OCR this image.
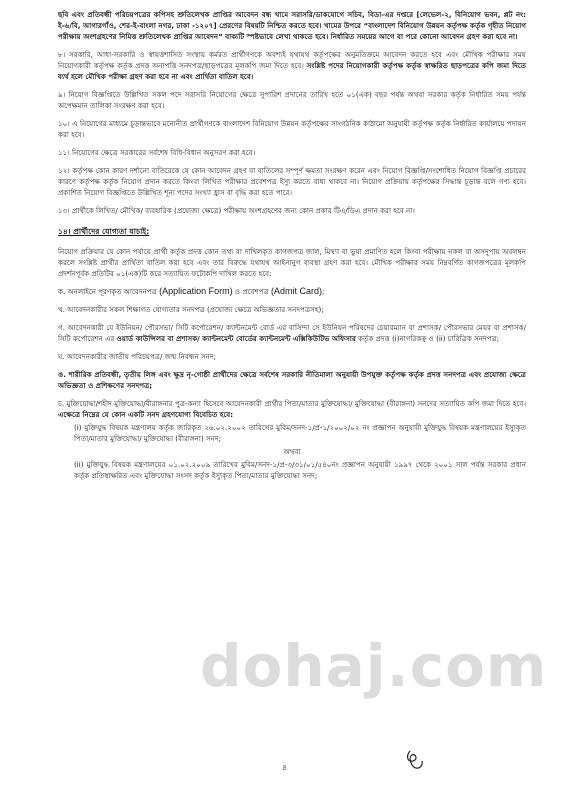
ছবি এবং প্রতিবন্ধী পরিচয়পত্রের কপিসহ শ্রুতিলেখক প্রাপ্তির আবেদন বন্ধ খামে সরাসরি/ডাকযোগে সচিব, বিডা-এর দপ্তরে [লেভেল-২, বিনিয়োগ ভবন, প্লট নং: ই-৬/বি, আগারগাঁও, শের-ই-বাংলা নগর, ঢাকা -১২০৭] প্রেরণের বিষয়টি নিশ্চিত করতে হবে। খামের উপরে “বাংলাদেশ বিনিয়োগ উন্নয়ন কর্তৃপক্ষ কর্তৃক গৃহীত নিয়োগ পরীক্ষায় অংশগ্রহণের নিমিত্ত শ্রুতিলেখক প্রাপ্তির আবেদন” বাক্যটি স্পষ্টভাবে লেখা থাকতে হবে। নির্ধারিত সময়ের আগে বা পরে কোনো আবেদন গ্রহণ করা হবে না।

৮। সরকারি, আধা-সরকারি ও স্বায়ত্তশাসিত সংস্থায় কর্মরত প্রার্থীগণকে অবশ্যই যথাযথ কর্তৃপক্ষের অনুমতিক্রমে আবেদন করতে হবে এবং মৌখিক পরীক্ষার সময় নিয়োগকারী কর্তৃপক্ষ কর্তৃক প্রদত্ত অনাপত্তি সনদপত্র/ছাড়পত্রের মূলকপি জমা দিতে হবে। সংশ্লিষ্ট পদের নিয়োগকারী কর্তৃপক্ষ কর্তৃক স্বাক্ষরিত ছাড়পত্রের কপি জমা দিতে ব্যর্থ হলে মৌখিক পরীক্ষা গ্রহণ করা হবে না এবং প্রার্থিতা বাতিল হবে।

৯। নিয়োগ বিজ্ঞপ্তিতে উল্লিখিত সকল পদে সরাসরি নিয়োগের ক্ষেত্রে সুপারিশ প্রদানের তারিখ হতে ০১(এক) বছর পর্যন্ত অথবা সরকার কর্তৃক নির্ধারিত সময় পর্যন্ত অপেক্ষমান তালিকা সংরক্ষণ করা হবে।

১০। এ নিয়োগের মাধ্যমে চূড়ান্তভাবে মনোনীত প্রার্থীগণকে বাংলাদেশ বিনিয়োগ উন্নয়ন কর্তৃপক্ষের সাংগঠনিক কাঠামো অনুযায়ী কর্তৃপক্ষ কর্তৃক নির্ধারিত কার্যালয়ে পদায়ন করা হবে।

১১। নিয়োগের ক্ষেত্রে সরকারের সর্বশেষ বিধি-বিধান অনুসরণ করা হবে।

১২। কর্তৃপক্ষ কোন কারণ দর্শানো ব্যতিরেকে যে কোন আবেদন গ্রহণ বা বাতিলের সম্পূর্ণ ক্ষমতা সংরক্ষণ করেন এবং নিয়োগ বিজ্ঞপ্তি/সংশোধিত নিয়োগ বিজ্ঞপ্তি প্রচারের কারণে কর্তৃপক্ষ কর্তৃক নিয়োগ প্রদান করতে কিংবা লিখিত পরীক্ষার প্রবেশপত্র ইস্যু করতে বাধ্য থাকবে না। নিয়োগ প্রক্রিয়ায় কর্তৃপক্ষের সিদ্ধান্ত চূড়ান্ত বলে গণ্য হবে। প্রকাশিত নিয়োগ বিজ্ঞপ্তিতে উল্লিখিত শূন্য পদের সংখ্যা হ্রাস বা বৃদ্ধি করা হতে পারে।

১৩। প্রার্থীকে লিখিত/ মৌখিক/ ব্যবহারিক (প্রযোজ্য ক্ষেত্রে) পরীক্ষায় অংশগ্রহণের জন্য কোন প্রকার টিএ/ডিএ প্রদান করা হবে না।

১৪। প্রার্থীদের যোগ্যতা যাচাই:

নিয়োগ প্রক্রিয়ার যে কোন পর্যায়ে প্রার্থী কর্তৃক প্রদত্ত কোন তথ্য বা দাখিলকৃত কাগজপত্র জাল, মিথ্যা বা ভুয়া প্রমাণিত হলে কিংবা পরীক্ষায় নকল বা অসদুপায় অবলম্বন করলে সংশ্লিষ্ট প্রার্থীর প্রার্থিতা বাতিল করা হবে এবং তার বিরুদ্ধে যথাযথ আইনানুগ ব্যবস্থা গ্রহণ করা হবে। মৌখিক পরীক্ষার সময় নিম্নবর্ণিত কাগজপত্রের মূলকপি প্রদর্শনপূর্বক প্রতিটির ০১(এক)টি করে সত্যায়িত ফটোকপি দাখিল করতে হবে:

ক. অনলাইনে পূরণকৃত আবেদনপত্র (Application Form) ও প্রবেশপত্র (Admit Card);

খ. আবেদনকারীর সকল শিক্ষাগত যোগ্যতার সনদপত্র (প্রযোজ্য ক্ষেত্রে অভিজ্ঞতার সনদপত্রসহ);

গ. আবেদনকারী যে ইউনিয়ন/ পৌরসভা/ সিটি কর্পোরেশন/ ক্যান্টনমেন্ট বোর্ড এর বাসিন্দা সে ইউনিয়ন পরিষদের চেয়ারম্যান বা প্রশাসক/ পৌরসভার মেয়র বা প্রশাসক/ সিটি কর্পোরেশন এর ওয়ার্ড কাউন্সিলর বা প্রশাসক/ ক্যান্টনমেন্ট বোর্ডের ক্যান্টনমেন্ট এক্সিকিউটিভ অফিসার কর্তৃক প্রদত্ত (i)নাগরিকত্ব ও (ii) চারিত্রিক সনদপত্র;

ঘ. আবেদনকারীর জাতীয় পরিচয়পত্র/ জন্ম নিবন্ধন সনদ;

ঙ. শারীরিক প্রতিবন্ধী, তৃতীয় লিঙ্গ এবং ক্ষুদ্র নৃ-গোষ্ঠী প্রার্থীদের ক্ষেত্রে সর্বশেষ সরকারি নীতিমালা অনুযায়ী উপযুক্ত কর্তৃপক্ষ কর্তৃক প্রদত্ত সনদপত্র এবং প্রযোজ্য ক্ষেত্রে অভিজ্ঞতা ও প্রশিক্ষণের সনদপত্র;

চ. মুক্তিযোদ্ধা/শহীদ মুক্তিযোদ্ধা/বীরাঙ্গনার পুত্র-কন্যা হিসেবে আবেদনকারী প্রার্থীর পিতা/মাতার মুক্তিযোদ্ধা/ মুক্তিযোদ্ধা (বীরাঙ্গনা) সনদের সত্যায়িত কপি জমা দিতে হবে। এক্ষেত্রে নিম্নের যে কোন একটি সনদ গ্রহণযোগ্য বিবেচিত হবে:

(i) মুক্তিযুদ্ধ বিষয়ক মন্ত্রণালয় কর্তৃক জারিকৃত ২৬.০২.২০০২ তারিখের মুবিম/সনদ-১/প্র-১/২০০২/০২ নং প্রজ্ঞাপন অনুযায়ী মুক্তিযুদ্ধ বিষয়ক মন্ত্রণালয়ের ইস্যুকৃত পিতা/মাতার মুক্তিযোদ্ধা/ মুক্তিযোদ্ধা (বীরাঙ্গনা) সনদ;

অথবা

(ii) মুক্তিযুদ্ধ বিষয়ক মন্ত্রণালয়ের ০১.০২.২০০৯ তারিখের মুবিম/সনদ-১/প্র-৩/৩১/০১/৫৪০নং প্রজ্ঞাপন অনুযায়ী ১৯৯৭ থেকে ২০০১ সাল পর্যন্ত সরকার প্রধান কর্তৃক প্রতিস্বাক্ষরিত এবং মুক্তিযোদ্ধা সংসদ কর্তৃক ইস্যুকৃত পিতা/মাতার মুক্তিযোদ্ধা সনদ;

dohaj.com
৪
